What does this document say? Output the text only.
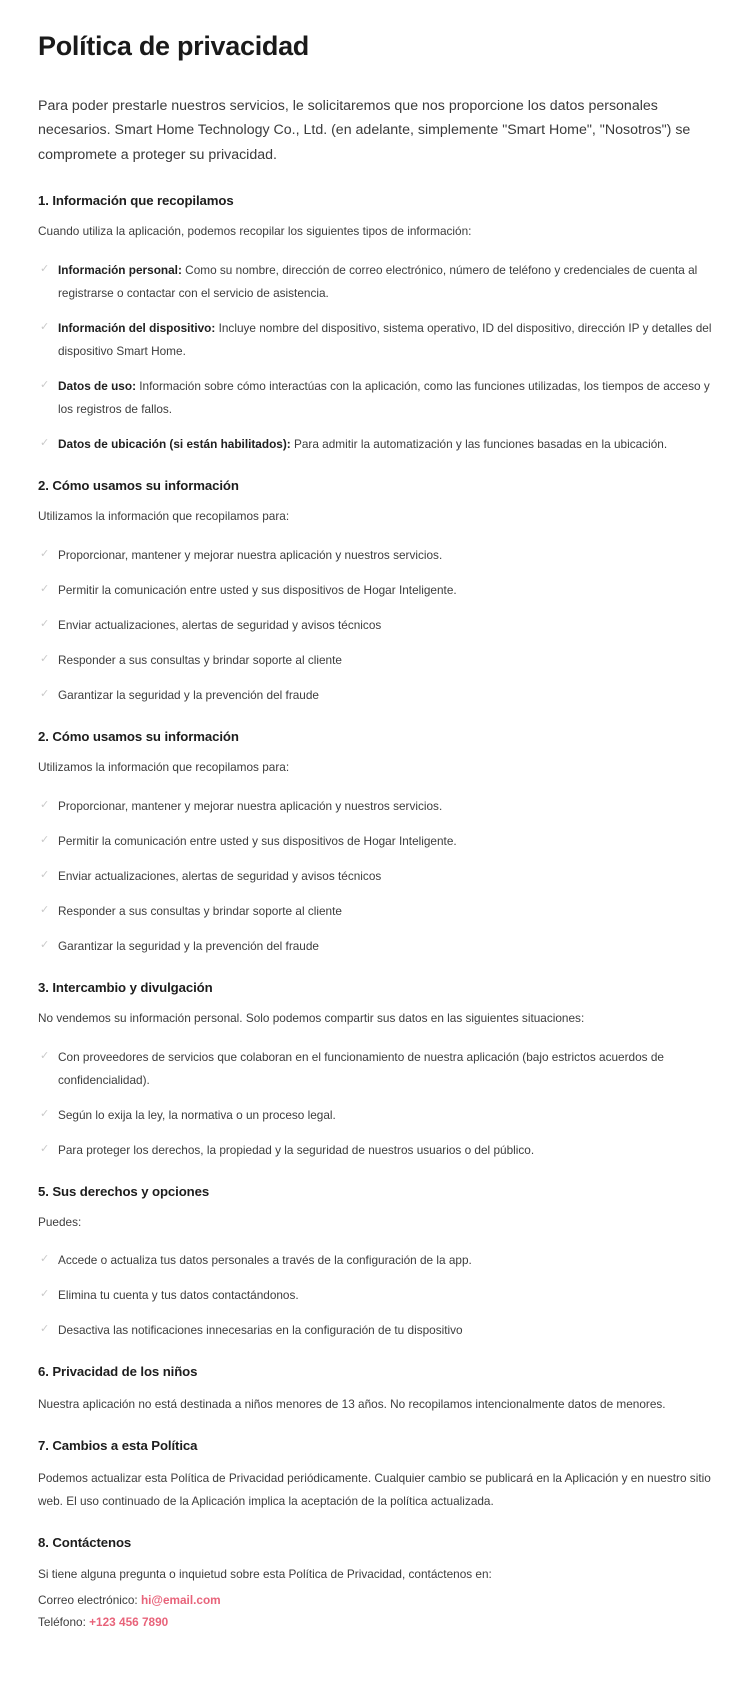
Política de privacidad

Para poder prestarle nuestros servicios, le solicitaremos que nos proporcione los datos personales necesarios. Smart Home Technology Co., Ltd. (en adelante, simplemente "Smart Home", "Nosotros") se compromete a proteger su privacidad.

1. Información que recopilamos

Cuando utiliza la aplicación, podemos recopilar los siguientes tipos de información:

✓ Información personal: Como su nombre, dirección de correo electrónico, número de teléfono y credenciales de cuenta al registrarse o contactar con el servicio de asistencia.
✓ Información del dispositivo: Incluye nombre del dispositivo, sistema operativo, ID del dispositivo, dirección IP y detalles del dispositivo Smart Home.
✓ Datos de uso: Información sobre cómo interactúas con la aplicación, como las funciones utilizadas, los tiempos de acceso y los registros de fallos.
✓ Datos de ubicación (si están habilitados): Para admitir la automatización y las funciones basadas en la ubicación.
2. Cómo usamos su información

Utilizamos la información que recopilamos para:

✓ Proporcionar, mantener y mejorar nuestra aplicación y nuestros servicios.
✓ Permitir la comunicación entre usted y sus dispositivos de Hogar Inteligente.
✓ Enviar actualizaciones, alertas de seguridad y avisos técnicos
✓ Responder a sus consultas y brindar soporte al cliente
✓ Garantizar la seguridad y la prevención del fraude
2. Cómo usamos su información

Utilizamos la información que recopilamos para:

✓ Proporcionar, mantener y mejorar nuestra aplicación y nuestros servicios.
✓ Permitir la comunicación entre usted y sus dispositivos de Hogar Inteligente.
✓ Enviar actualizaciones, alertas de seguridad y avisos técnicos
✓ Responder a sus consultas y brindar soporte al cliente
✓ Garantizar la seguridad y la prevención del fraude
3. Intercambio y divulgación

No vendemos su información personal. Solo podemos compartir sus datos en las siguientes situaciones:

✓ Con proveedores de servicios que colaboran en el funcionamiento de nuestra aplicación (bajo estrictos acuerdos de confidencialidad).
✓ Según lo exija la ley, la normativa o un proceso legal.
✓ Para proteger los derechos, la propiedad y la seguridad de nuestros usuarios o del público.
5. Sus derechos y opciones

Puedes:

✓ Accede o actualiza tus datos personales a través de la configuración de la app.
✓ Elimina tu cuenta y tus datos contactándonos.
✓ Desactiva las notificaciones innecesarias en la configuración de tu dispositivo
6. Privacidad de los niños

Nuestra aplicación no está destinada a niños menores de 13 años. No recopilamos intencionalmente datos de menores.

7. Cambios a esta Política

Podemos actualizar esta Política de Privacidad periódicamente. Cualquier cambio se publicará en la Aplicación y en nuestro sitio web. El uso continuado de la Aplicación implica la aceptación de la política actualizada.

8. Contáctenos

Si tiene alguna pregunta o inquietud sobre esta Política de Privacidad, contáctenos en:

Correo electrónico: hi@email.com

Teléfono: +123 456 7890
